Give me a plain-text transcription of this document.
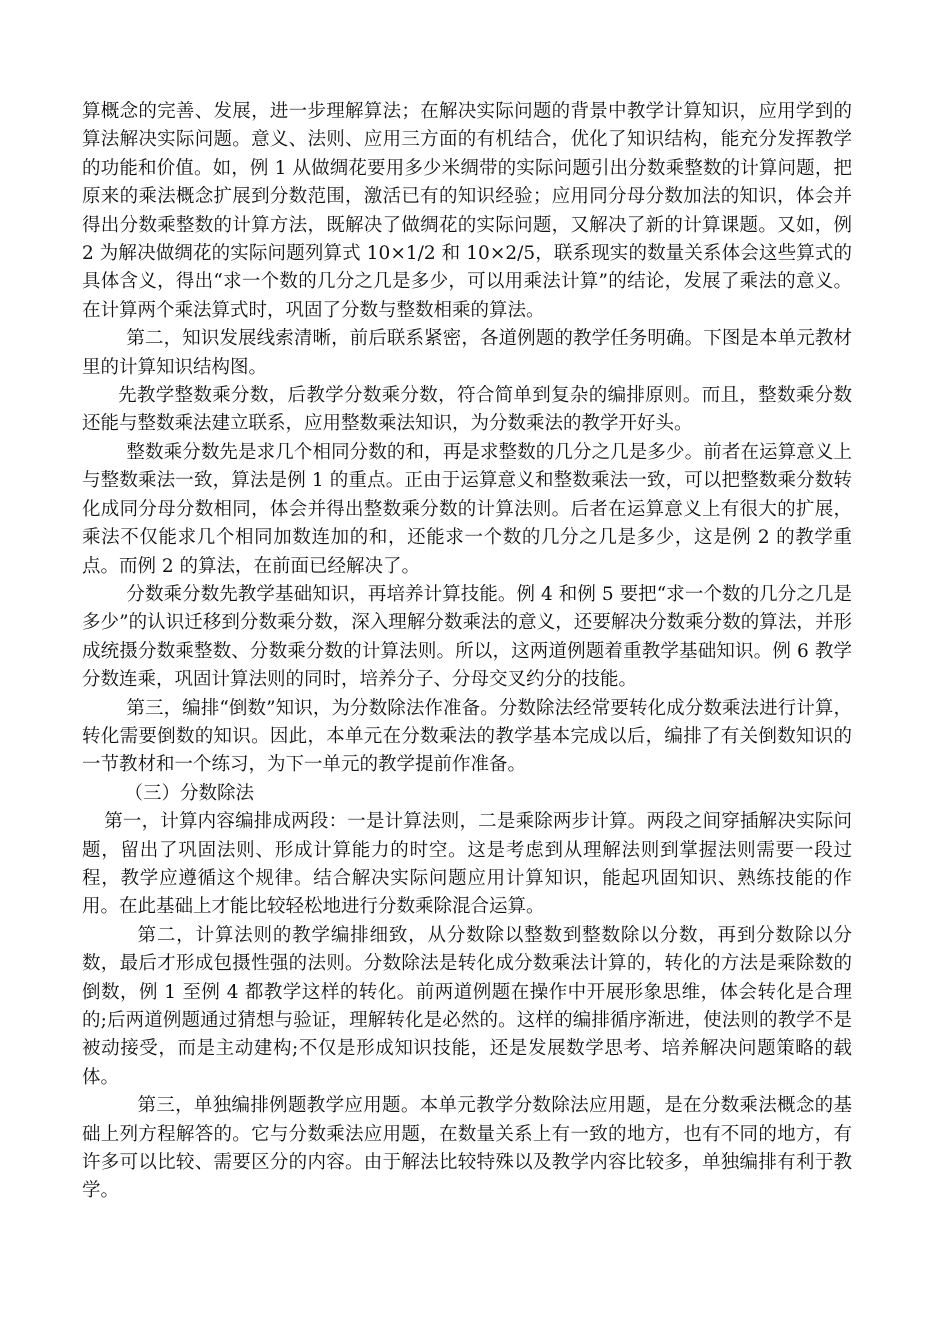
算概念的完善、发展，进一步理解算法；在解决实际问题的背景中教学计算知识，应用学到的算法解决实际问题。意义、法则、应用三方面的有机结合，优化了知识结构，能充分发挥教学的功能和价值。如，例 1 从做绸花要用多少米绸带的实际问题引出分数乘整数的计算问题，把原来的乘法概念扩展到分数范围，激活已有的知识经验；应用同分母分数加法的知识，体会并得出分数乘整数的计算方法，既解决了做绸花的实际问题，又解决了新的计算课题。又如，例 2 为解决做绸花的实际问题列算式 10×1/2 和 10×2/5，联系现实的数量关系体会这些算式的具体含义，得出“求一个数的几分之几是多少，可以用乘法计算”的结论，发展了乘法的意义。在计算两个乘法算式时，巩固了分数与整数相乘的算法。

第二，知识发展线索清晰，前后联系紧密，各道例题的教学任务明确。下图是本单元教材里的计算知识结构图。

先教学整数乘分数，后教学分数乘分数，符合简单到复杂的编排原则。而且，整数乘分数还能与整数乘法建立联系，应用整数乘法知识，为分数乘法的教学开好头。

整数乘分数先是求几个相同分数的和，再是求整数的几分之几是多少。前者在运算意义上与整数乘法一致，算法是例 1 的重点。正由于运算意义和整数乘法一致，可以把整数乘分数转化成同分母分数相同，体会并得出整数乘分数的计算法则。后者在运算意义上有很大的扩展，乘法不仅能求几个相同加数连加的和，还能求一个数的几分之几是多少，这是例 2 的教学重点。而例 2 的算法，在前面已经解决了。

分数乘分数先教学基础知识，再培养计算技能。例 4 和例 5 要把“求一个数的几分之几是多少”的认识迁移到分数乘分数，深入理解分数乘法的意义，还要解决分数乘分数的算法，并形成统摄分数乘整数、分数乘分数的计算法则。所以，这两道例题着重教学基础知识。例 6 教学分数连乘，巩固计算法则的同时，培养分子、分母交叉约分的技能。

第三，编排“倒数”知识，为分数除法作准备。分数除法经常要转化成分数乘法进行计算，转化需要倒数的知识。因此，本单元在分数乘法的教学基本完成以后，编排了有关倒数知识的一节教材和一个练习，为下一单元的教学提前作准备。

（三）分数除法

第一，计算内容编排成两段：一是计算法则，二是乘除两步计算。两段之间穿插解决实际问题，留出了巩固法则、形成计算能力的时空。这是考虑到从理解法则到掌握法则需要一段过程，教学应遵循这个规律。结合解决实际问题应用计算知识，能起巩固知识、熟练技能的作用。在此基础上才能比较轻松地进行分数乘除混合运算。

第二，计算法则的教学编排细致，从分数除以整数到整数除以分数，再到分数除以分数，最后才形成包摄性强的法则。分数除法是转化成分数乘法计算的，转化的方法是乘除数的倒数，例 1 至例 4 都教学这样的转化。前两道例题在操作中开展形象思维，体会转化是合理的;后两道例题通过猜想与验证，理解转化是必然的。这样的编排循序渐进，使法则的教学不是被动接受，而是主动建构;不仅是形成知识技能，还是发展数学思考、培养解决问题策略的载体。

第三，单独编排例题教学应用题。本单元教学分数除法应用题，是在分数乘法概念的基础上列方程解答的。它与分数乘法应用题，在数量关系上有一致的地方，也有不同的地方，有许多可以比较、需要区分的内容。由于解法比较特殊以及教学内容比较多，单独编排有利于教学。
